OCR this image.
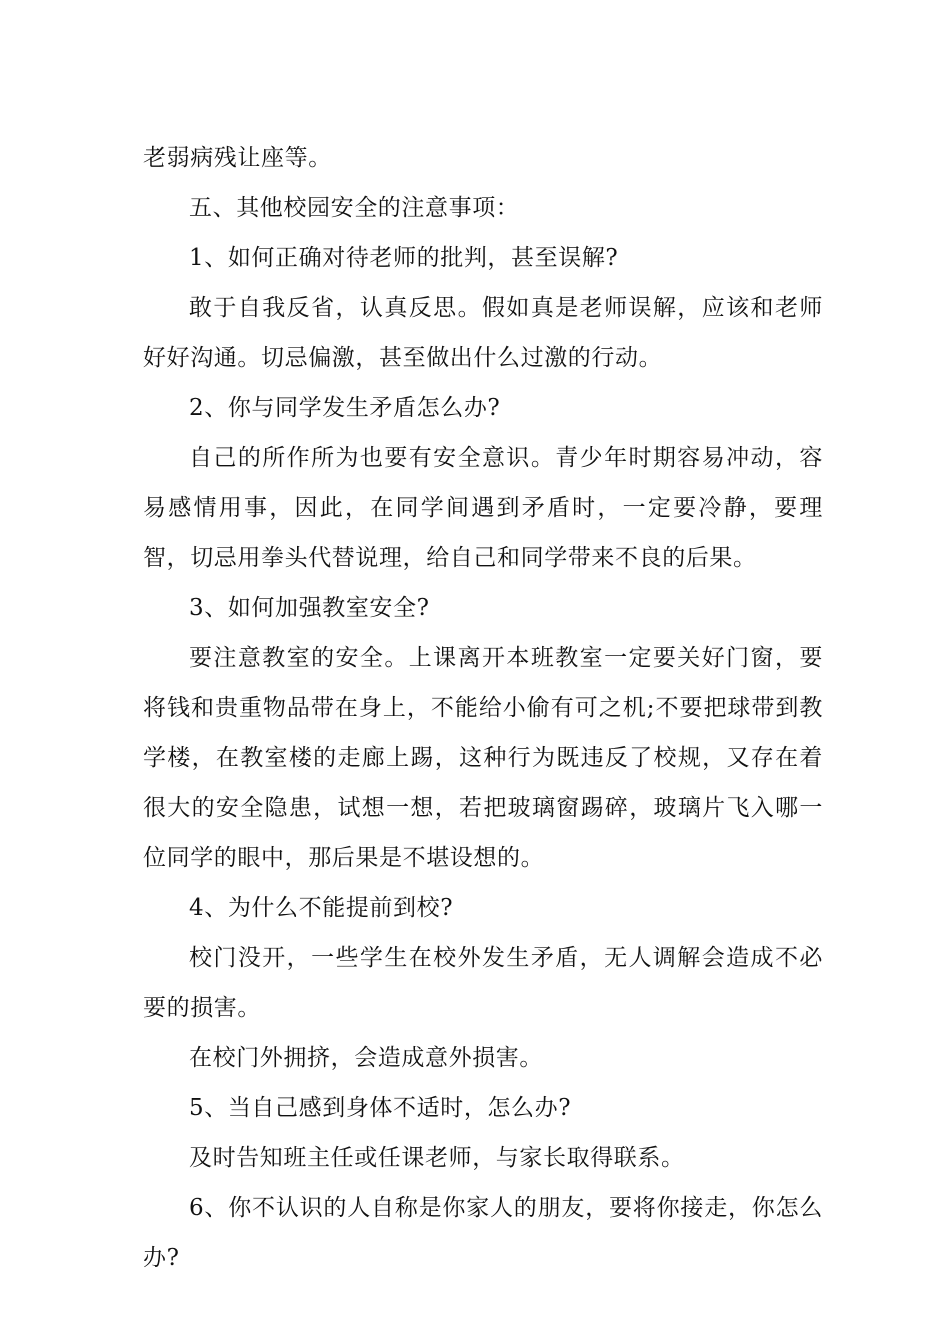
老弱病残让座等。

五、其他校园安全的注意事项：

1、如何正确对待老师的批判，甚至误解?

敢于自我反省，认真反思。假如真是老师误解，应该和老师好好沟通。切忌偏激，甚至做出什么过激的行动。

2、你与同学发生矛盾怎么办?

自己的所作所为也要有安全意识。青少年时期容易冲动，容易感情用事，因此，在同学间遇到矛盾时，一定要冷静，要理智，切忌用拳头代替说理，给自己和同学带来不良的后果。

3、如何加强教室安全?

要注意教室的安全。上课离开本班教室一定要关好门窗，要将钱和贵重物品带在身上，不能给小偷有可之机;不要把球带到教学楼，在教室楼的走廊上踢，这种行为既违反了校规，又存在着很大的安全隐患，试想一想，若把玻璃窗踢碎，玻璃片飞入哪一位同学的眼中，那后果是不堪设想的。

4、为什么不能提前到校?

校门没开，一些学生在校外发生矛盾，无人调解会造成不必要的损害。

在校门外拥挤，会造成意外损害。

5、当自己感到身体不适时，怎么办?

及时告知班主任或任课老师，与家长取得联系。

6、你不认识的人自称是你家人的朋友，要将你接走，你怎么办?
